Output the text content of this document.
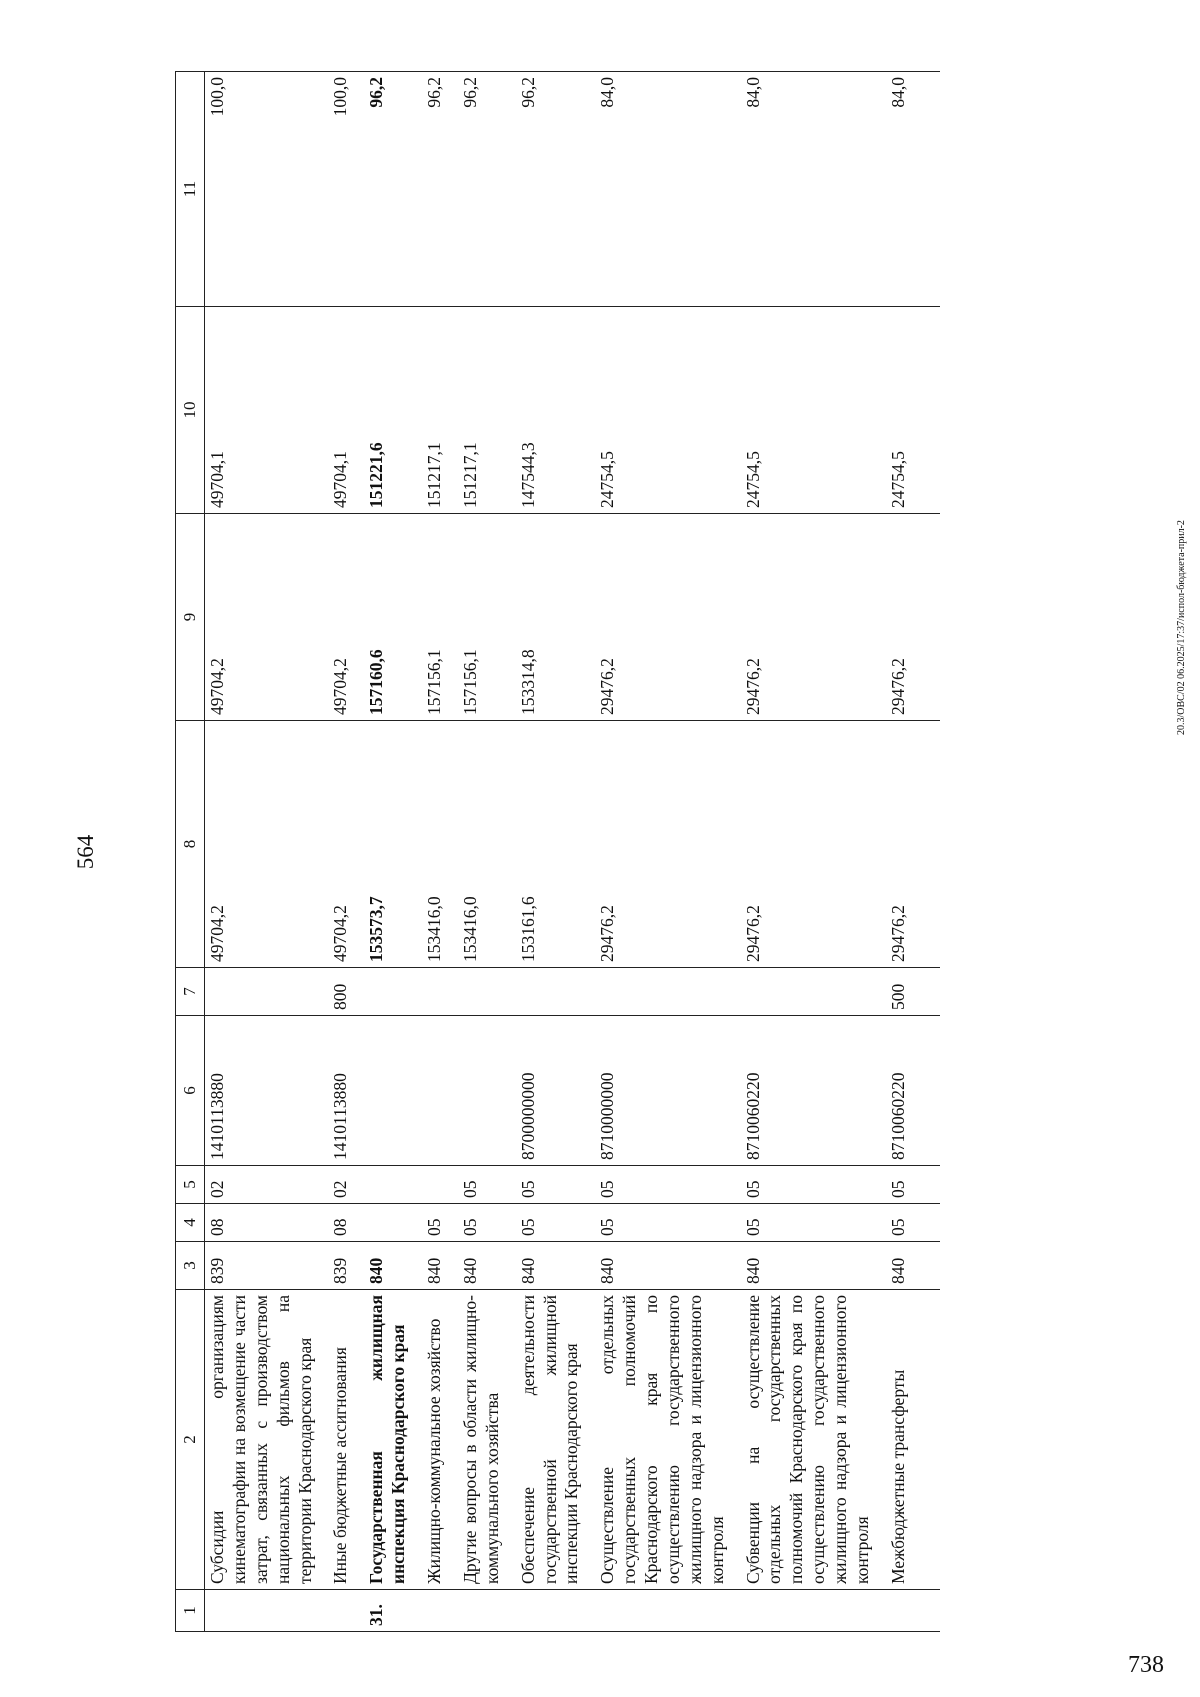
738
20.3/ОВС/02 06.2025/17:37/испол-бюджета-прил-2
564
1	2	3	4	5	6	7	8	9	10	11
	Субсидии организациям кинематографии на возмещение части затрат, связанных с производством национальных фильмов на территории Краснодарского края	839	08	02	1410113880		49704,2	49704,2	49704,1	100,0
	Иные бюджетные ассигнования	839	08	02	1410113880	800	49704,2	49704,2	49704,1	100,0
31.	Государственная жилищная инспекция Краснодарского края	840					153573,7	157160,6	151221,6	96,2
	Жилищно-коммунальное хозяйство	840	05				153416,0	157156,1	151217,1	96,2
	Другие вопросы в области жилищно-коммунального хозяйства	840	05	05			153416,0	157156,1	151217,1	96,2
	Обеспечение деятельности государственной жилищной инспекции Краснодарского края	840	05	05	8700000000		153161,6	153314,8	147544,3	96,2
	Осуществление отдельных государственных полномочий Краснодарского края по осуществлению государственного жилищного надзора и лицензионного контроля	840	05	05	8710000000		29476,2	29476,2	24754,5	84,0
	Субвенции на осуществление отдельных государственных полномочий Краснодарского края по осуществлению государственного жилищного надзора и лицензионного контроля	840	05	05	8710060220		29476,2	29476,2	24754,5	84,0
	Межбюджетные трансферты	840	05	05	8710060220	500	29476,2	29476,2	24754,5	84,0
